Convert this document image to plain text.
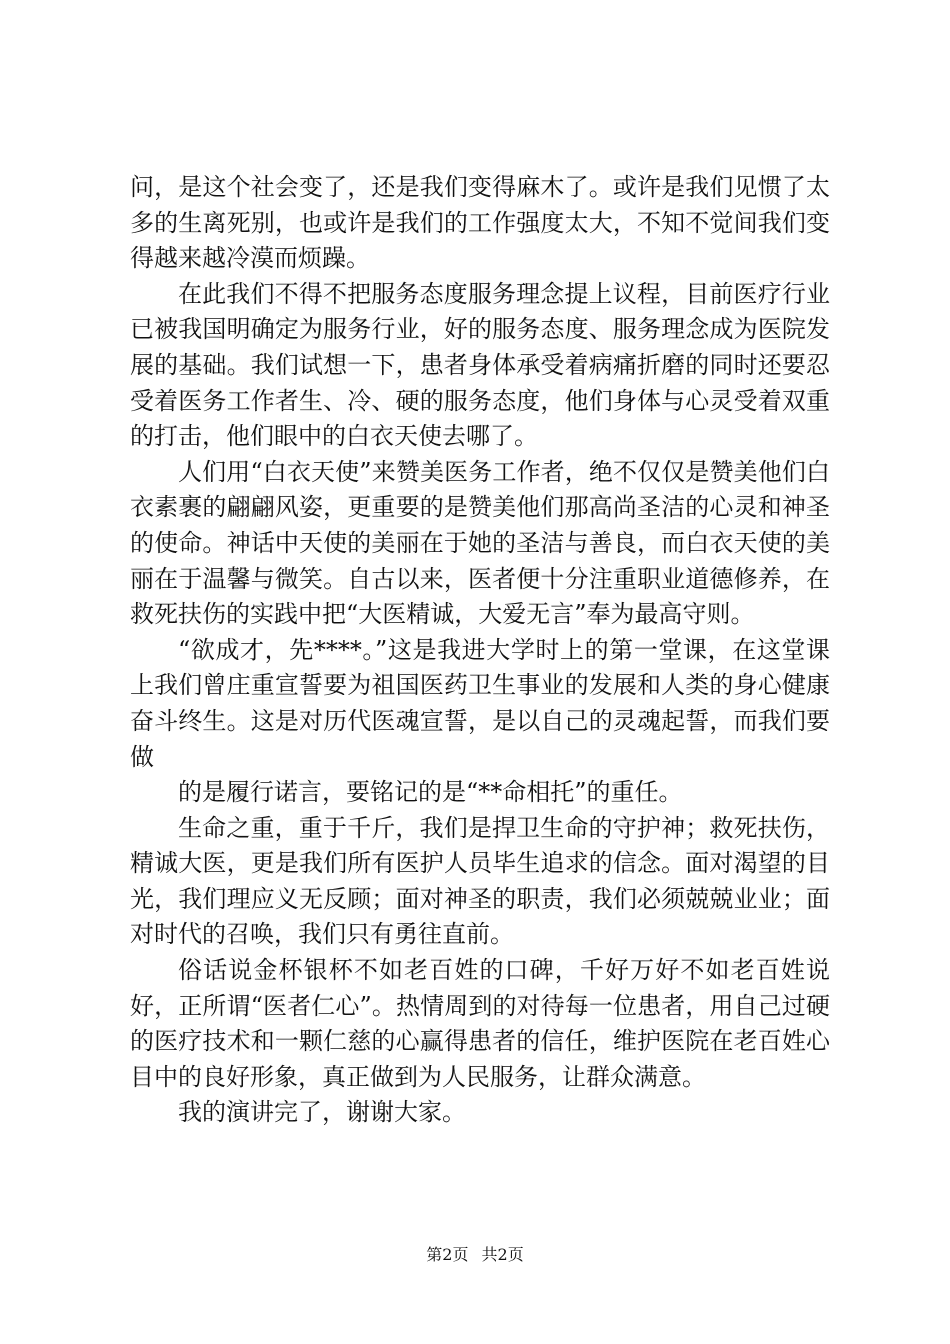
问，是这个社会变了，还是我们变得麻木了。或许是我们见惯了太多的生离死别，也或许是我们的工作强度太大，不知不觉间我们变得越来越冷漠而烦躁。

在此我们不得不把服务态度服务理念提上议程，目前医疗行业已被我国明确定为服务行业，好的服务态度、服务理念成为医院发展的基础。我们试想一下，患者身体承受着病痛折磨的同时还要忍受着医务工作者生、冷、硬的服务态度，他们身体与心灵受着双重的打击，他们眼中的白衣天使去哪了。

人们用“白衣天使”来赞美医务工作者，绝不仅仅是赞美他们白衣素裹的翩翩风姿，更重要的是赞美他们那高尚圣洁的心灵和神圣的使命。神话中天使的美丽在于她的圣洁与善良，而白衣天使的美丽在于温馨与微笑。自古以来，医者便十分注重职业道德修养，在救死扶伤的实践中把“大医精诚，大爱无言”奉为最高守则。

“欲成才，先****。”这是我进大学时上的第一堂课，在这堂课上我们曾庄重宣誓要为祖国医药卫生事业的发展和人类的身心健康奋斗终生。这是对历代医魂宣誓，是以自己的灵魂起誓，而我们要做

的是履行诺言，要铭记的是“**命相托”的重任。

生命之重，重于千斤，我们是捍卫生命的守护神；救死扶伤，精诚大医，更是我们所有医护人员毕生追求的信念。面对渴望的目光，我们理应义无反顾；面对神圣的职责，我们必须兢兢业业；面对时代的召唤，我们只有勇往直前。

俗话说金杯银杯不如老百姓的口碑，千好万好不如老百姓说好，正所谓“医者仁心”。热情周到的对待每一位患者，用自己过硬的医疗技术和一颗仁慈的心赢得患者的信任，维护医院在老百姓心目中的良好形象，真正做到为人民服务，让群众满意。

我的演讲完了，谢谢大家。

第2页 共2页
